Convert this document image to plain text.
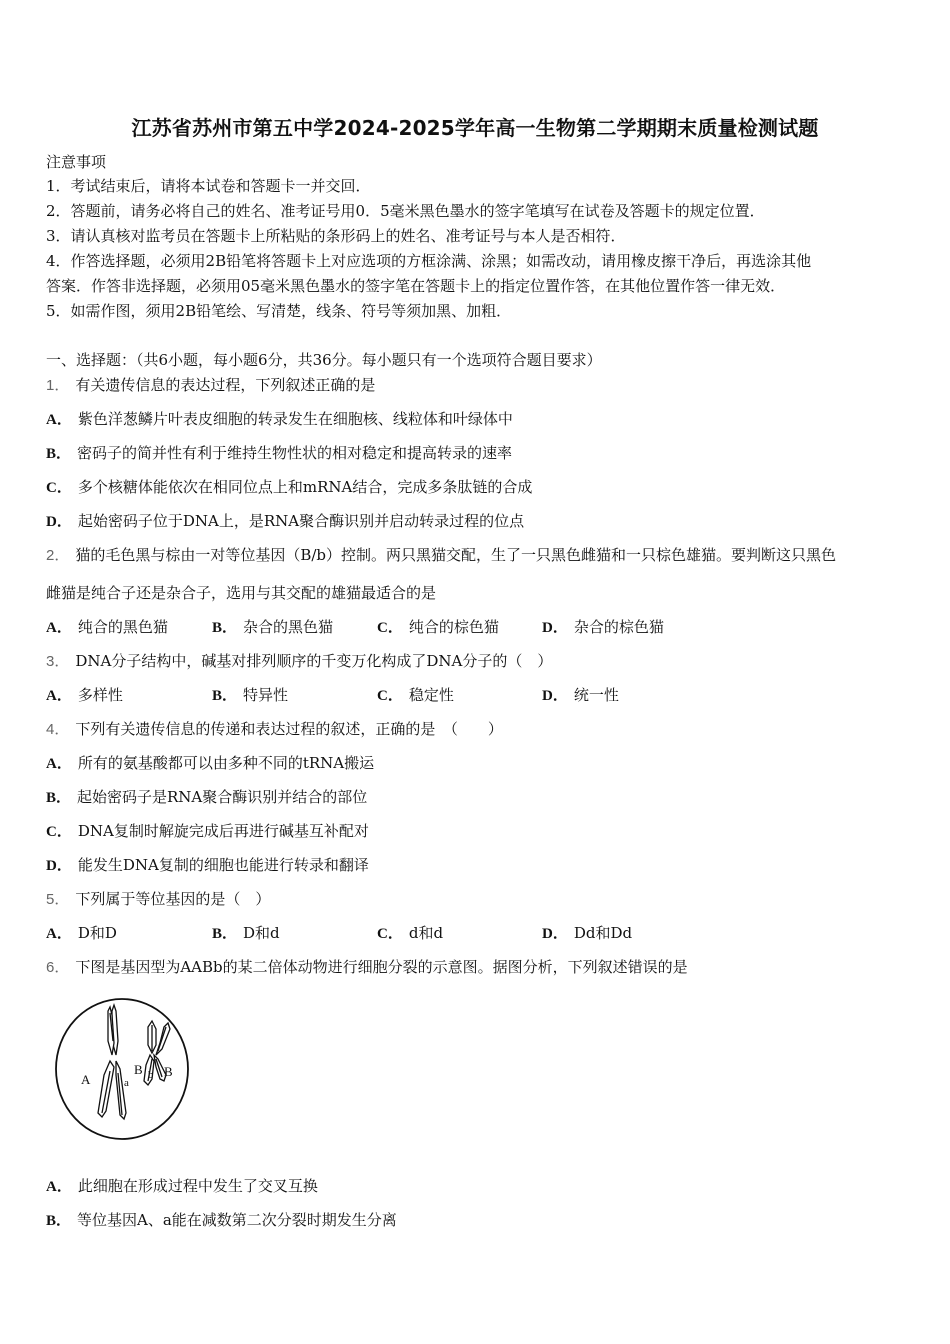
江苏省苏州市第五中学2024-2025学年高一生物第二学期期末质量检测试题
注意事项
1．考试结束后，请将本试卷和答题卡一并交回．
2．答题前，请务必将自己的姓名、准考证号用0．5毫米黑色墨水的签字笔填写在试卷及答题卡的规定位置．
3．请认真核对监考员在答题卡上所粘贴的条形码上的姓名、准考证号与本人是否相符．
4．作答选择题，必须用2B铅笔将答题卡上对应选项的方框涂满、涂黑；如需改动，请用橡皮擦干净后，再选涂其他
答案．作答非选择题，必须用05毫米黑色墨水的签字笔在答题卡上的指定位置作答，在其他位置作答一律无效．
5．如需作图，须用2B铅笔绘、写清楚，线条、符号等须加黑、加粗．
一、选择题：（共6小题，每小题6分，共36分。每小题只有一个选项符合题目要求）
1． 有关遗传信息的表达过程，下列叙述正确的是
A． 紫色洋葱鳞片叶表皮细胞的转录发生在细胞核、线粒体和叶绿体中
B． 密码子的简并性有利于维持生物性状的相对稳定和提高转录的速率
C． 多个核糖体能依次在相同位点上和mRNA结合，完成多条肽链的合成
D． 起始密码子位于DNA上，是RNA聚合酶识别并启动转录过程的位点
2． 猫的毛色黑与棕由一对等位基因（B/b）控制。两只黑猫交配，生了一只黑色雌猫和一只棕色雄猫。要判断这只黑色
雌猫是纯合子还是杂合子，选用与其交配的雄猫最适合的是
A． 纯合的黑色猫	B． 杂合的黑色猫	C． 纯合的棕色猫	D． 杂合的棕色猫
3． DNA分子结构中，碱基对排列顺序的千变万化构成了DNA分子的（　）
A． 多样性	B． 特异性	C． 稳定性	D． 统一性
4． 下列有关遗传信息的传递和表达过程的叙述，正确的是　（　　）
A． 所有的氨基酸都可以由多种不同的tRNA搬运
B． 起始密码子是RNA聚合酶识别并结合的部位
C． DNA复制时解旋完成后再进行碱基互补配对
D． 能发生DNA复制的细胞也能进行转录和翻译
5． 下列属于等位基因的是（　）
A． D和D	B． D和d	C． d和d	D． Dd和Dd
6． 下图是基因型为AABb的某二倍体动物进行细胞分裂的示意图。据图分析，下列叙述错误的是
A	a
B b B
A． 此细胞在形成过程中发生了交叉互换
B． 等位基因A、a能在减数第二次分裂时期发生分离
